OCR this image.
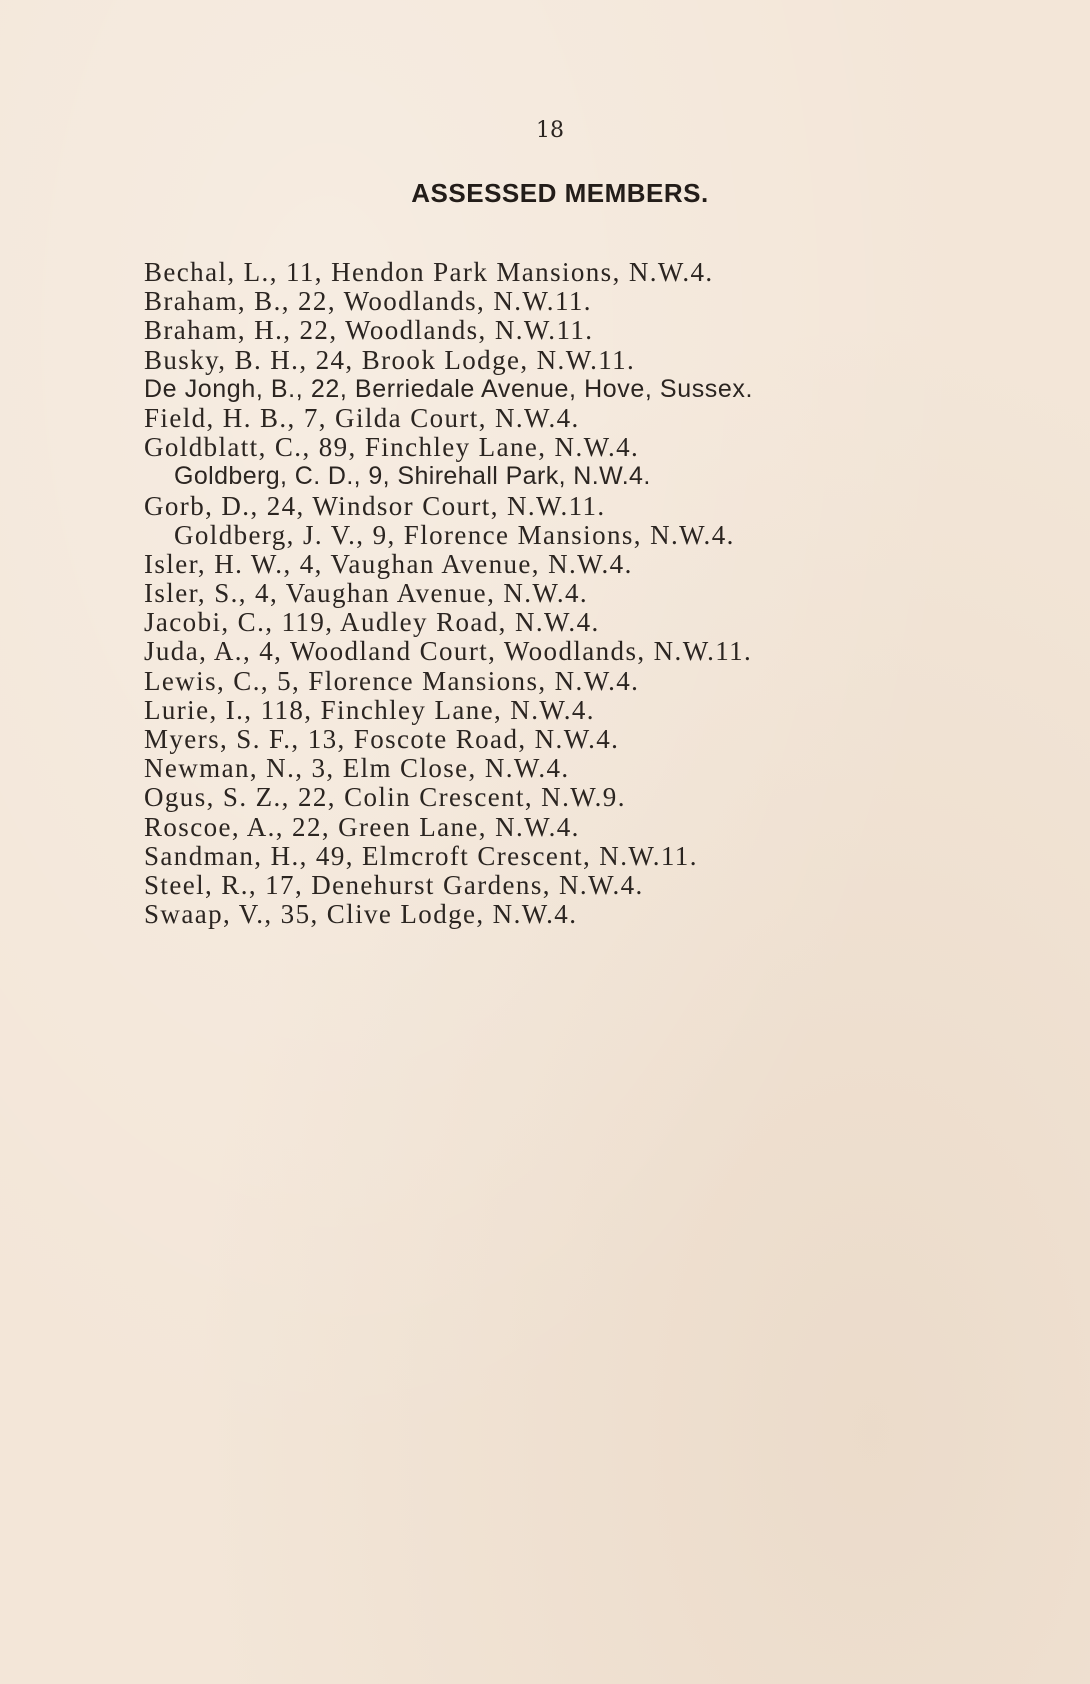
18
ASSESSED MEMBERS.
Bechal, L., 11, Hendon Park Mansions, N.W.4.
Braham, B., 22, Woodlands, N.W.11.
Braham, H., 22, Woodlands, N.W.11.
Busky, B. H., 24, Brook Lodge, N.W.11.
De Jongh, B., 22, Berriedale Avenue, Hove, Sussex.
Field, H. B., 7, Gilda Court, N.W.4.
Goldblatt, C., 89, Finchley Lane, N.W.4.
Goldberg, C. D., 9, Shirehall Park, N.W.4.
Gorb, D., 24, Windsor Court, N.W.11.
Goldberg, J. V., 9, Florence Mansions, N.W.4.
Isler, H. W., 4, Vaughan Avenue, N.W.4.
Isler, S., 4, Vaughan Avenue, N.W.4.
Jacobi, C., 119, Audley Road, N.W.4.
Juda, A., 4, Woodland Court, Woodlands, N.W.11.
Lewis, C., 5, Florence Mansions, N.W.4.
Lurie, I., 118, Finchley Lane, N.W.4.
Myers, S. F., 13, Foscote Road, N.W.4.
Newman, N., 3, Elm Close, N.W.4.
Ogus, S. Z., 22, Colin Crescent, N.W.9.
Roscoe, A., 22, Green Lane, N.W.4.
Sandman, H., 49, Elmcroft Crescent, N.W.11.
Steel, R., 17, Denehurst Gardens, N.W.4.
Swaap, V., 35, Clive Lodge, N.W.4.
